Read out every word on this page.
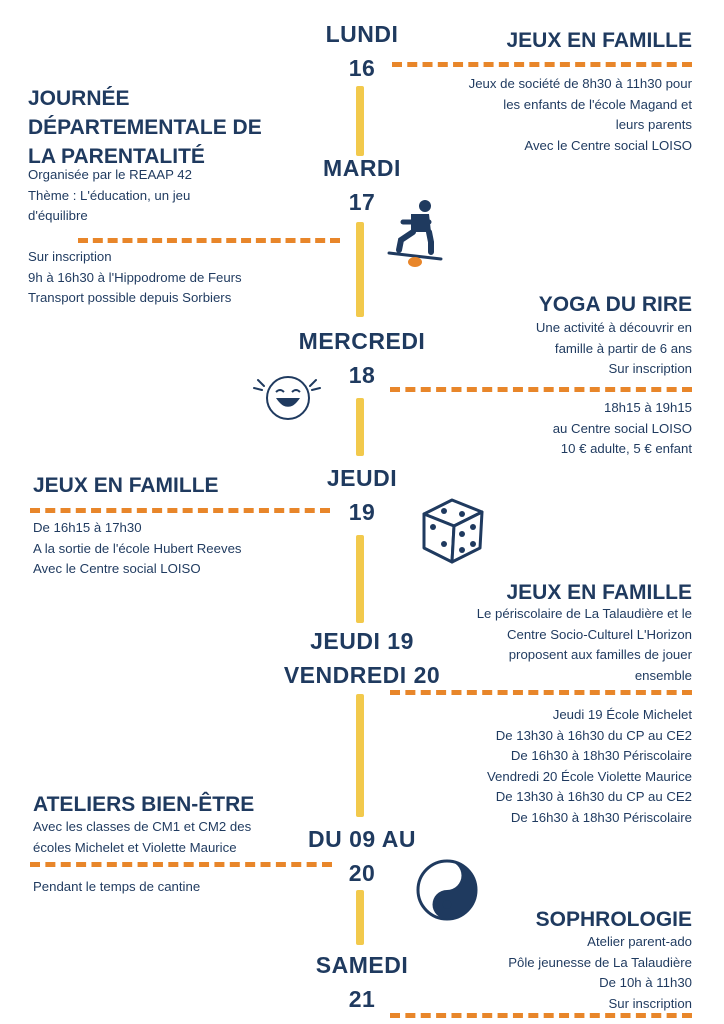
LUNDI
16
MARDI
17
MERCREDI
18
JEUDI
19
JEUDI 19
VENDREDI 20
DU 09 AU
20
SAMEDI
21
JEUX EN FAMILLE
Jeux de société de 8h30 à 11h30 pour
les enfants de l'école Magand et
leurs parents
Avec le Centre social LOISO
JOURNÉE
DÉPARTEMENTALE DE
LA PARENTALITÉ
Organisée par le REAAP 42
Thème : L'éducation, un jeu
d'équilibre
Sur inscription
9h à 16h30 à l'Hippodrome de Feurs
Transport possible depuis Sorbiers	YOGA DU RIRE
Une activité à découvrir en
famille à partir de 6 ans
Sur inscription
18h15 à 19h15
au Centre social LOISO
10 € adulte, 5 € enfant
JEUX EN FAMILLE
De 16h15 à 17h30
A la sortie de l'école Hubert Reeves
Avec le Centre social LOISO
JEUX EN FAMILLE
Le périscolaire de La Talaudière et le
Centre Socio-Culturel L'Horizon
proposent aux familles de jouer
ensemble
Jeudi 19 École Michelet
De 13h30 à 16h30 du CP au CE2
De 16h30 à 18h30 Périscolaire
Vendredi 20 École Violette Maurice
De 13h30 à 16h30 du CP au CE2
De 16h30 à 18h30 Périscolaire
ATELIERS BIEN-ÊTRE
Avec les classes de CM1 et CM2 des
écoles Michelet et Violette Maurice
Pendant le temps de cantine
SOPHROLOGIE
Atelier parent-ado
Pôle jeunesse de La Talaudière
De 10h à 11h30
Sur inscription
